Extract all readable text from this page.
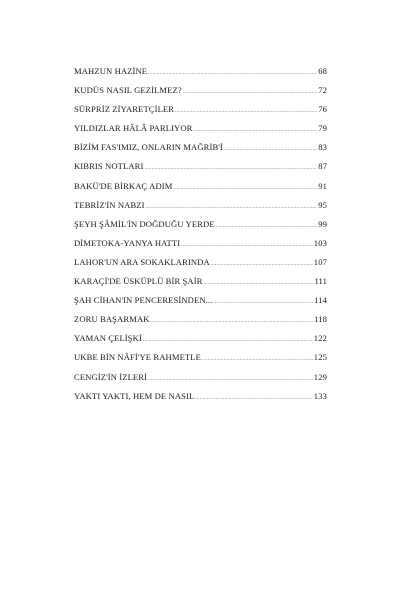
MAHZUN HAZİNE .....	68
KUDÜS NASIL GEZİLMEZ? .....	72
SÜRPRİZ ZİYARETÇİLER .....	76
YILDIZLAR HÂLÂ PARLIYOR .....	79
BİZİM FAS'IMIZ, ONLARIN MAĞRİB'İ .....	83
KIBRIS NOTLARI .....	87
BAKÜ'DE BİRKAÇ ADIM .....	91
TEBRİZ'İN NABZI .....	95
ŞEYH ŞÂMİL'İN DOĞDUĞU YERDE .....	99
DİMETOKA-YANYA HATTI .....	103
LAHOR'UN ARA SOKAKLARINDA .....	107
KARAÇİ'DE ÜSKÜPLÜ BİR ŞAİR .....	111
ŞAH CİHAN'IN PENCERESİNDEN... .....	114
ZORU BAŞARMAK .....	118
YAMAN ÇELİŞKİ .....	122
UKBE BİN NÂFİ'YE RAHMETLE .....	125
CENGİZ'İN İZLERİ .....	129
YAKTI YAKTI, HEM DE NASIL .....	133
